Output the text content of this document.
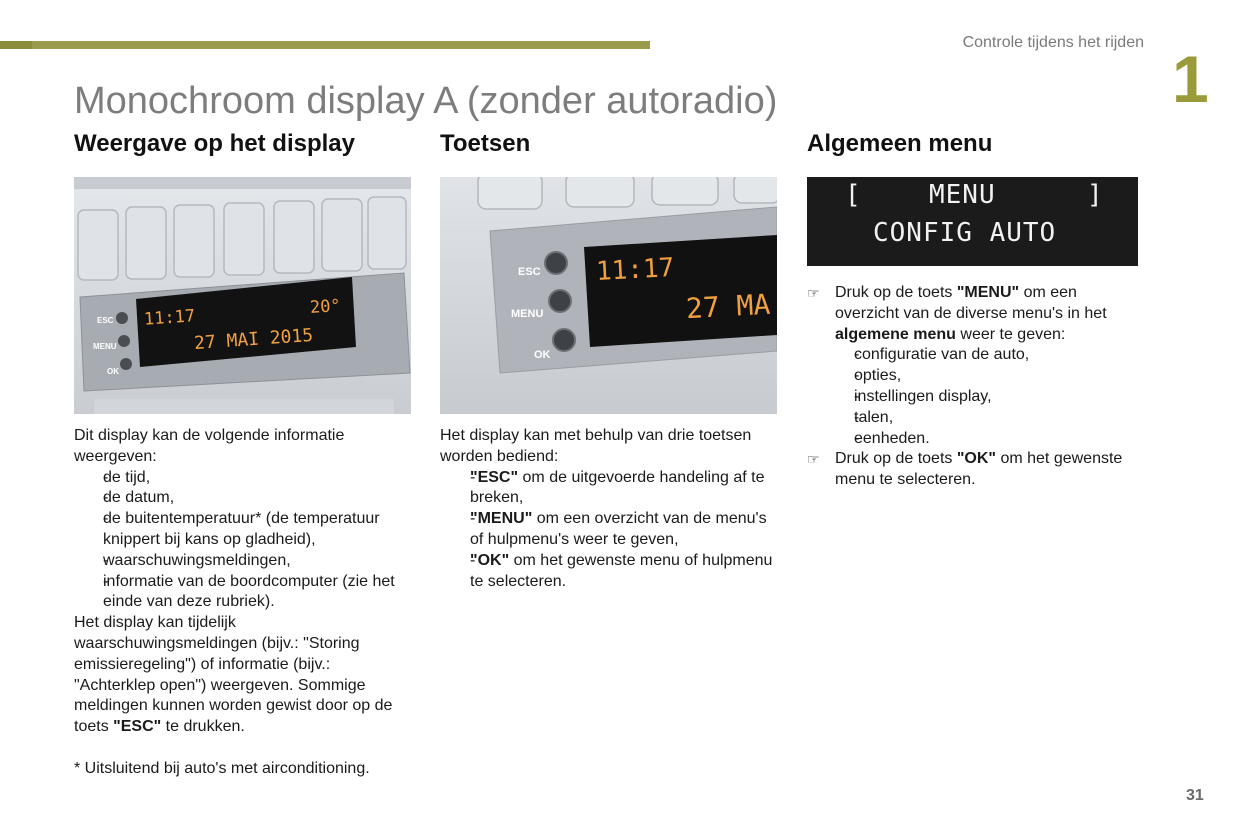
Controle tijdens het rijden 1
Monochroom display A (zonder autoradio)
Weergave op het display	Toetsen	Algemeen menu
ESC
MENU
OK
11:17	20°
27 MAI 2015
ESC
MENU
OK
11:17
27 MA
[	MENU	]
CONFIG AUTO

Dit display kan de volgende informatie weergeven:

- de tijd,
- de datum,
- de buitentemperatuur* (de temperatuur knippert bij kans op gladheid),
- waarschuwingsmeldingen,
- informatie van de boordcomputer (zie het einde van deze rubriek).

Het display kan tijdelijk waarschuwingsmeldingen (bijv.: "Storing emissieregeling") of informatie (bijv.: "Achterklep open") weergeven. Sommige meldingen kunnen worden gewist door op de toets "ESC" te drukken.

* Uitsluitend bij auto's met airconditioning.

Het display kan met behulp van drie toetsen worden bediend:

- "ESC" om de uitgevoerde handeling af te breken,
- "MENU" om een overzicht van de menu's of hulpmenu's weer te geven,
- "OK" om het gewenste menu of hulpmenu te selecteren.
☞ Druk op de toets "MENU" om een overzicht van de diverse menu's in het algemene menu weer te geven:
- configuratie van de auto,
- opties,
- instellingen display,
- talen,
- eenheden.
☞ Druk op de toets "OK" om het gewenste menu te selecteren.
31
